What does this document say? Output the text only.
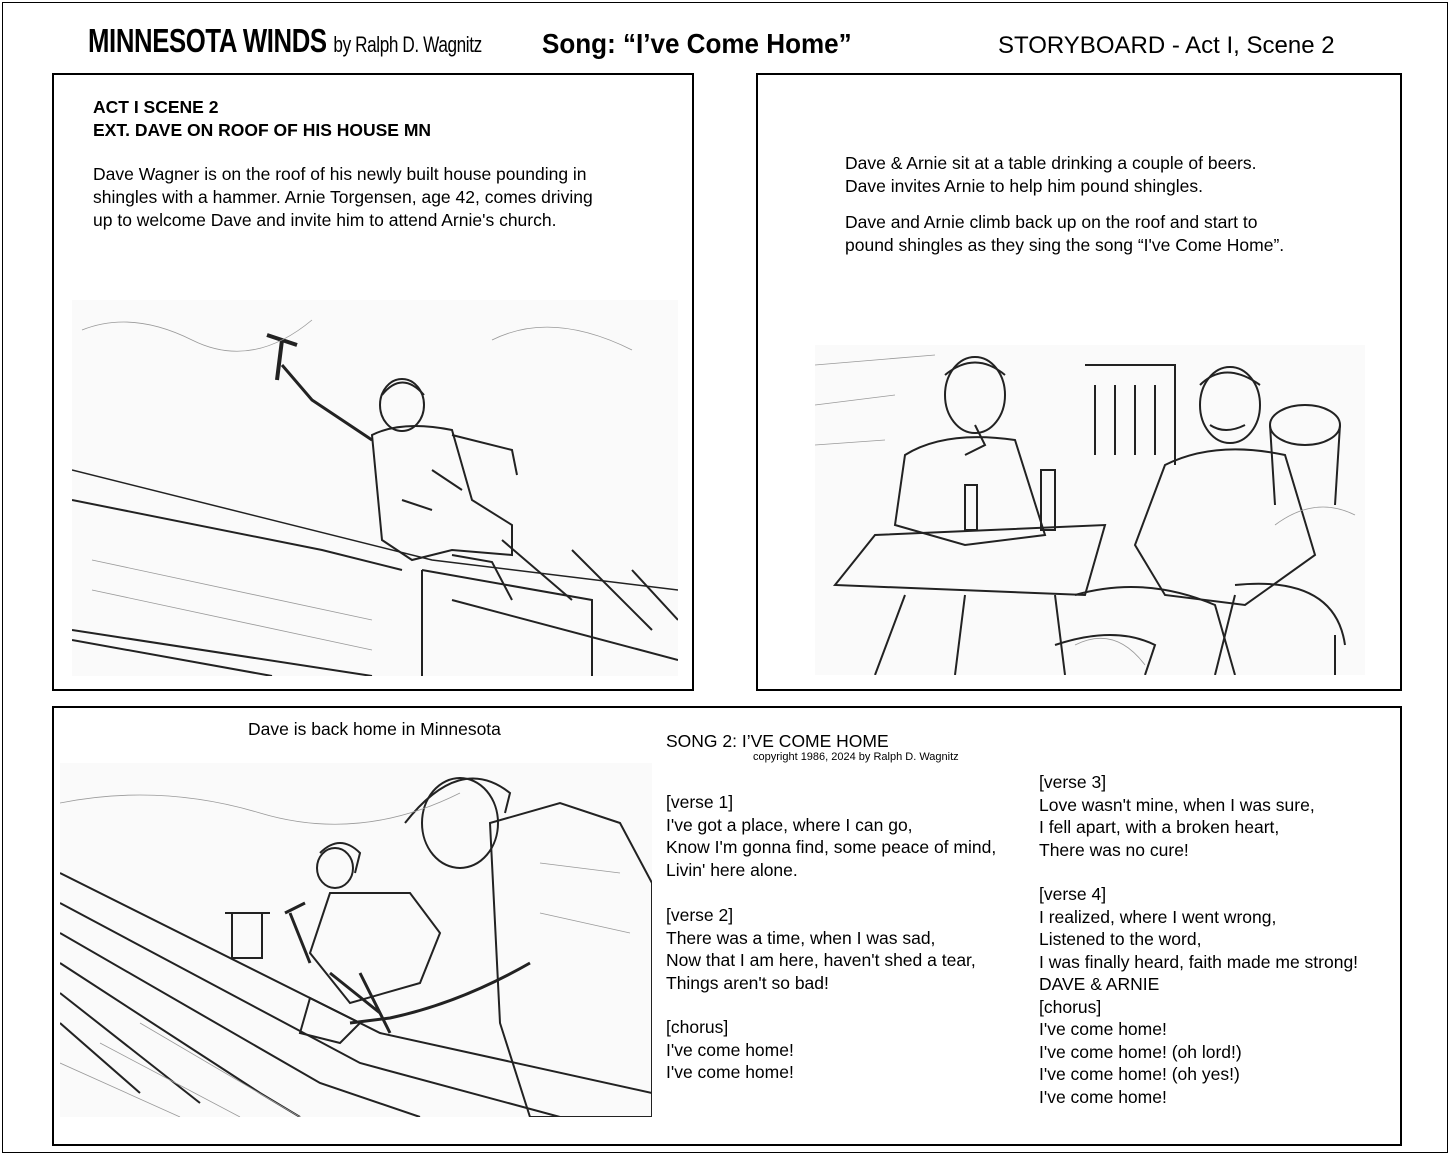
MINNESOTA WINDS by Ralph D. Wagnitz Song: “I’ve Come Home”	STORYBOARD - Act I, Scene 2
ACT I SCENE 2
EXT. DAVE ON ROOF OF HIS HOUSE MN
Dave Wagner is on the roof of his newly built house pounding in
shingles with a hammer. Arnie Torgensen, age 42, comes driving
up to welcome Dave and invite him to attend Arnie's church.
Dave & Arnie sit at a table drinking a couple of beers.
Dave invites Arnie to help him pound shingles.
Dave and Arnie climb back up on the roof and start to
pound shingles as they sing the song “I've Come Home”.
Dave is back home in Minnesota
SONG 2: I’VE COME HOME
copyright 1986, 2024 by Ralph D. Wagnitz
[verse 1]
I've got a place, where I can go,
Know I'm gonna find, some peace of mind,
Livin' here alone.
[verse 2]
There was a time, when I was sad,
Now that I am here, haven't shed a tear,
Things aren't so bad!
[chorus]
I've come home!
I've come home!
[verse 3]
Love wasn't mine, when I was sure,
I fell apart, with a broken heart,
There was no cure!
[verse 4]
I realized, where I went wrong,
Listened to the word,
I was finally heard, faith made me strong!
DAVE & ARNIE
[chorus]
I've come home!
I've come home! (oh lord!)
I've come home! (oh yes!)
I've come home!
